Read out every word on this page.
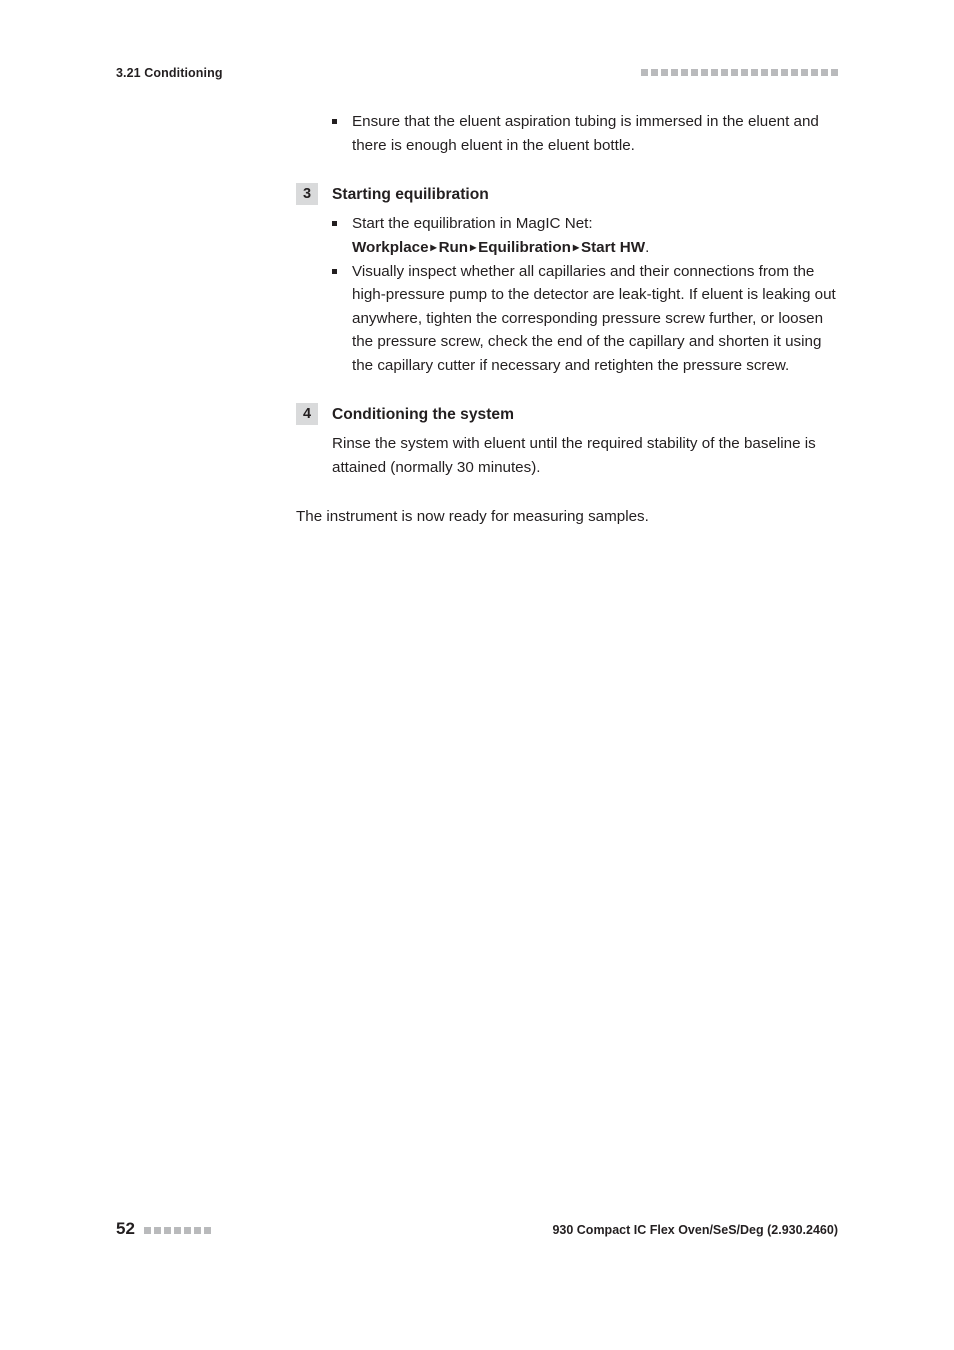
3.21 Conditioning
Ensure that the eluent aspiration tubing is immersed in the eluent and there is enough eluent in the eluent bottle.
3	Starting equilibration
Start the equilibration in MagIC Net: Workplace ▸ Run ▸ Equilibration ▸ Start HW.
Visually inspect whether all capillaries and their connections from the high-pressure pump to the detector are leak-tight. If eluent is leaking out anywhere, tighten the corresponding pressure screw further, or loosen the pressure screw, check the end of the capillary and shorten it using the capillary cutter if necessary and retighten the pressure screw.
4	Conditioning the system
Rinse the system with eluent until the required stability of the baseline is attained (normally 30 minutes).
The instrument is now ready for measuring samples.
52	930 Compact IC Flex Oven/SeS/Deg (2.930.2460)
